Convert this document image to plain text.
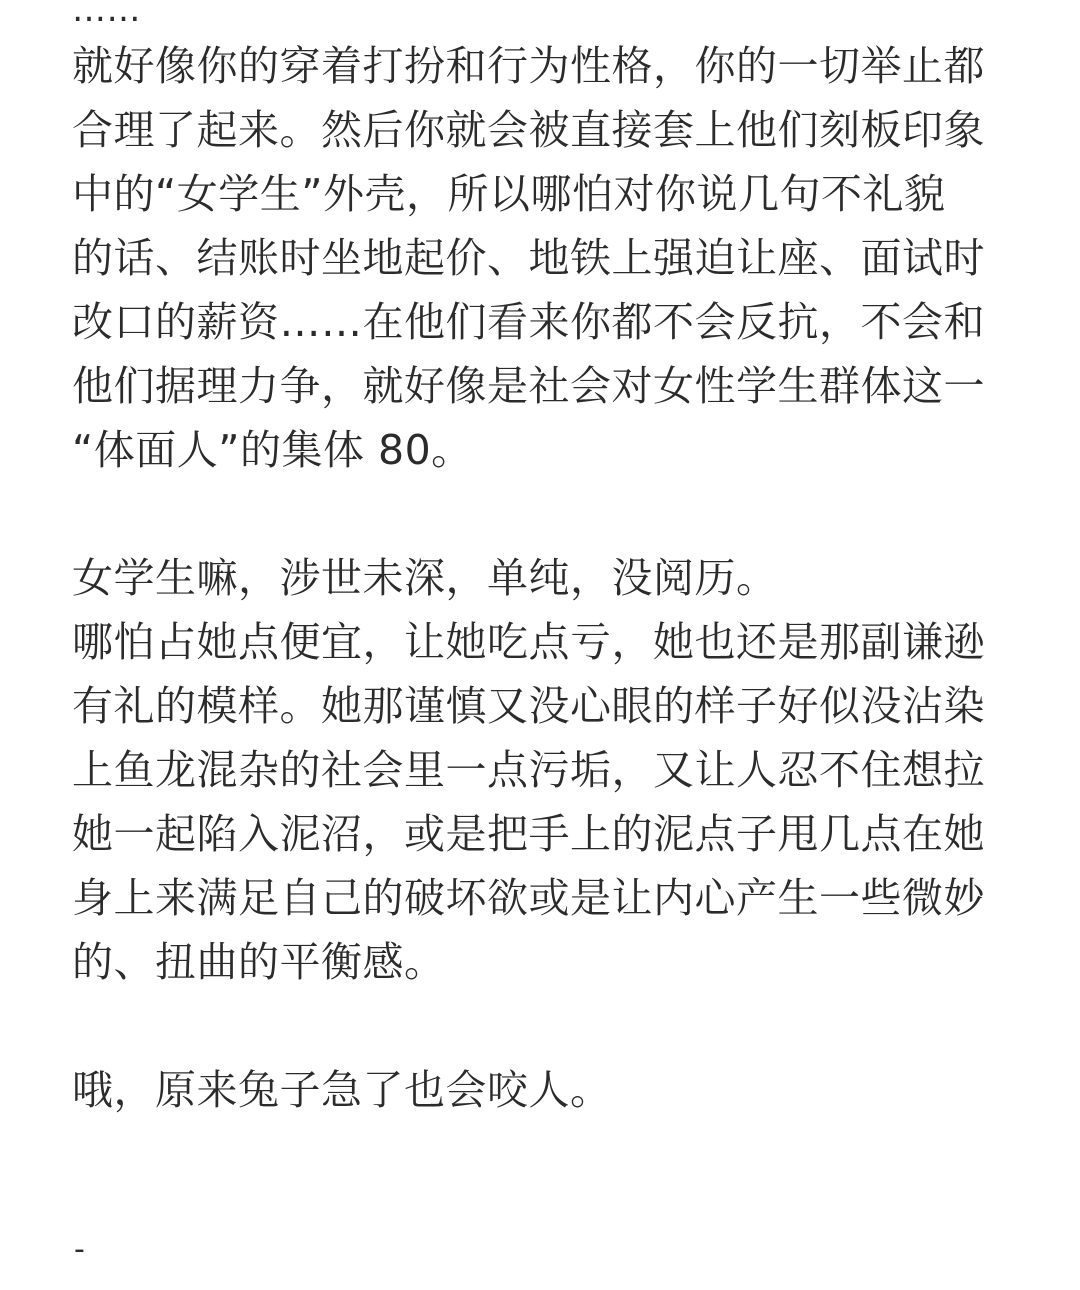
……
就好像你的穿着打扮和行为性格，你的一切举止都
合理了起来。然后你就会被直接套上他们刻板印象
中的“女学生”外壳，所以哪怕对你说几句不礼貌
的话、结账时坐地起价、地铁上强迫让座、面试时
改口的薪资……在他们看来你都不会反抗，不会和
他们据理力争，就好像是社会对女性学生群体这一
“体面人”的集体 80。
女学生嘛，涉世未深，单纯，没阅历。
哪怕占她点便宜，让她吃点亏，她也还是那副谦逊
有礼的模样。她那谨慎又没心眼的样子好似没沾染
上鱼龙混杂的社会里一点污垢，又让人忍不住想拉
她一起陷入泥沼，或是把手上的泥点子甩几点在她
身上来满足自己的破坏欲或是让内心产生一些微妙
的、扭曲的平衡感。
哦，原来兔子急了也会咬人。
-
